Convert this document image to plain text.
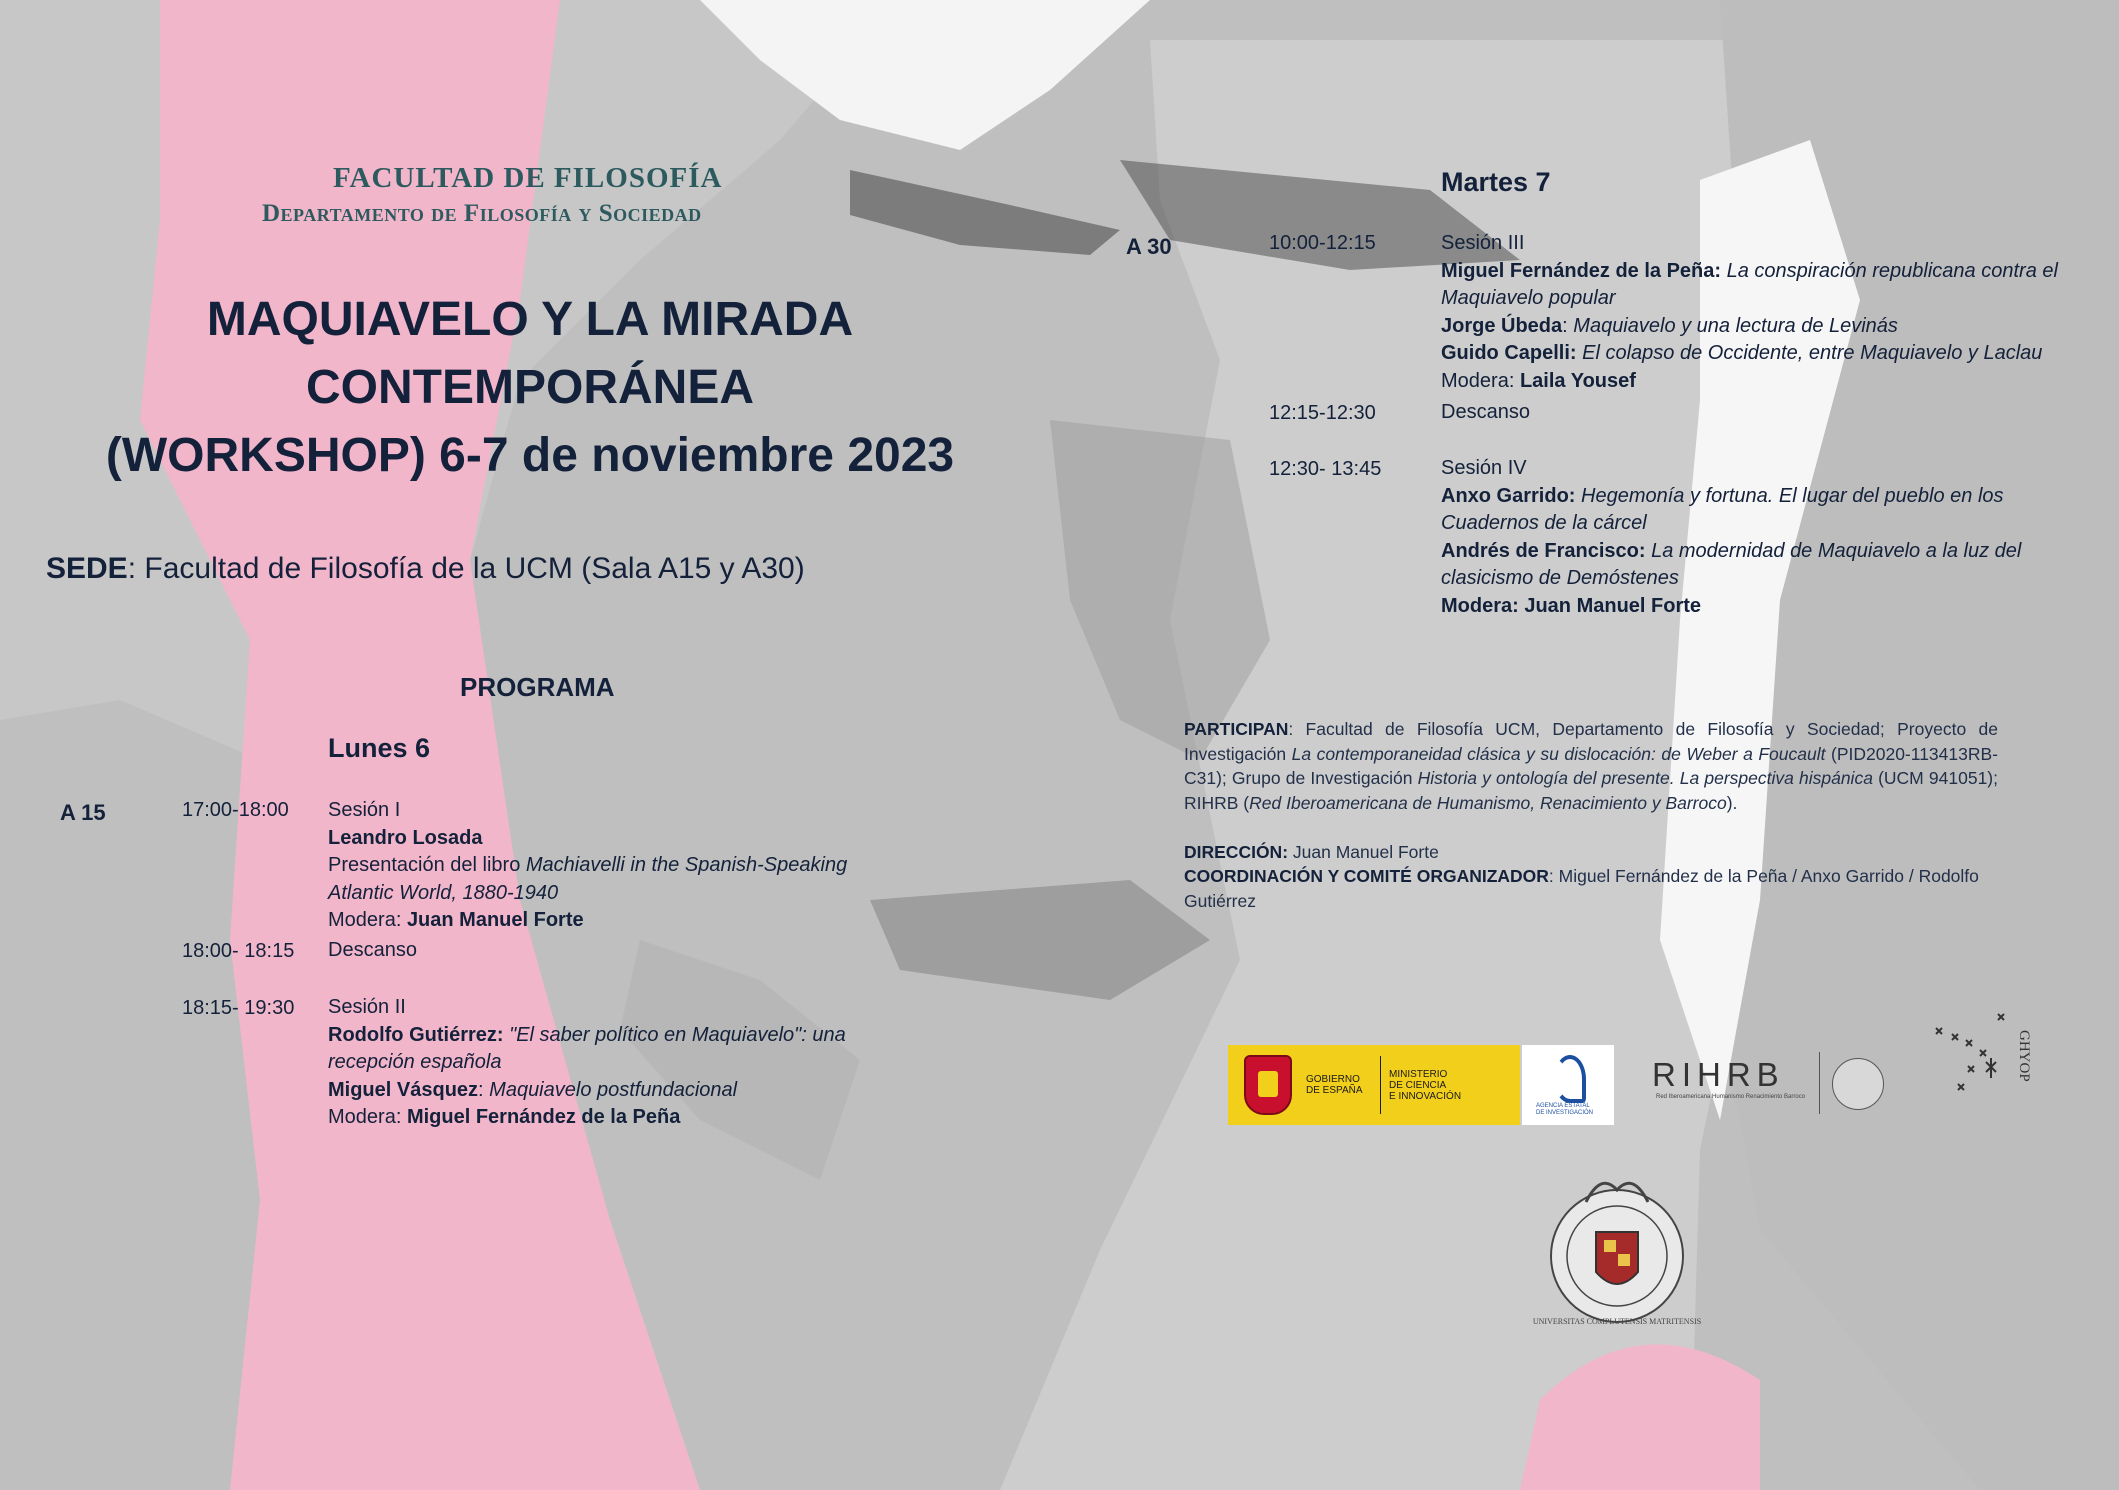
FACULTAD DE FILOSOFÍA
Departamento de Filosofía y Sociedad
MAQUIAVELO Y LA MIRADA
CONTEMPORÁNEA
(WORKSHOP) 6-7 de noviembre 2023
SEDE: Facultad de Filosofía de la UCM (Sala A15 y A30)
PROGRAMA
Lunes 6
A 15	17:00-18:00 Sesión I
Leandro Losada
Presentación del libro Machiavelli in the Spanish-Speaking
Atlantic World, 1880-1940
Modera: Juan Manuel Forte
18:00- 18:15 Descanso
18:15- 19:30 Sesión II
Rodolfo Gutiérrez: "El saber político en Maquiavelo": una
recepción española
Miguel Vásquez: Maquiavelo postfundacional
Modera: Miguel Fernández de la Peña
Martes 7
A 30	10:00-12:15	Sesión III
Miguel Fernández de la Peña: La conspiración republicana contra el
Maquiavelo popular
Jorge Úbeda: Maquiavelo y una lectura de Levinás
Guido Capelli: El colapso de Occidente, entre Maquiavelo y Laclau
Modera: Laila Yousef
12:15-12:30	Descanso
12:30- 13:45	Sesión IV
Anxo Garrido: Hegemonía y fortuna. El lugar del pueblo en los
Cuadernos de la cárcel
Andrés de Francisco: La modernidad de Maquiavelo a la luz del
clasicismo de Demóstenes
Modera: Juan Manuel Forte
PARTICIPAN: Facultad de Filosofía UCM, Departamento de Filosofía y Sociedad; Proyecto de Investigación La contemporaneidad clásica y su dislocación: de Weber a Foucault (PID2020-113413RB-C31); Grupo de Investigación Historia y ontología del presente. La perspectiva hispánica (UCM 941051); RIHRB (Red Iberoamericana de Humanismo, Renacimiento y Barroco).
DIRECCIÓN: Juan Manuel Forte
COORDINACIÓN Y COMITÉ ORGANIZADOR: Miguel Fernández de la Peña / Anxo Garrido / Rodolfo Gutiérrez
GOBIERNO
DE ESPAÑA
MINISTERIO
DE CIENCIA
E INNOVACIÓN
AGENCIA ESTATAL DE INVESTIGACIÓN
RIHRB
Red Iberoamericana Humanismo Renacimiento Barroco
GHYOP
UNIVERSITAS COMPLUTENSIS MATRITENSIS
